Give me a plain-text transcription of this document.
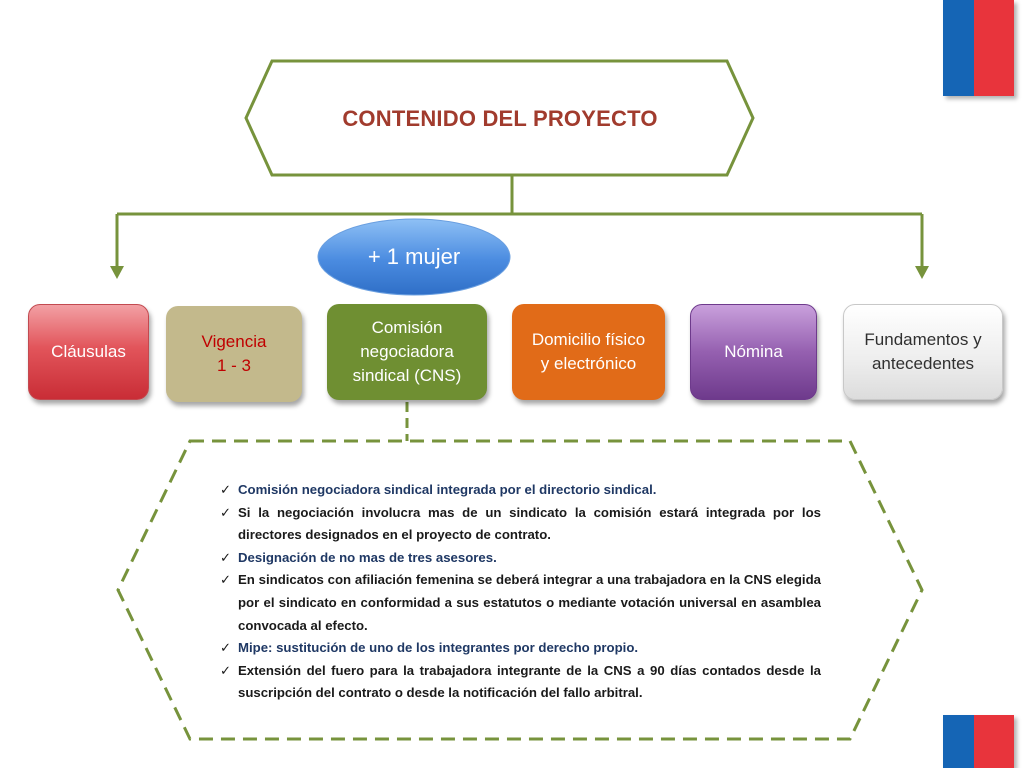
CONTENIDO DEL PROYECTO
+ 1 mujer
Cláusulas
Vigencia
1 - 3
Comisión
negociadora
sindical (CNS)
Domicilio físico
y electrónico
Nómina
Fundamentos y
antecedentes
✓ Comisión negociadora sindical integrada por el directorio sindical.
✓ Si la negociación involucra mas de un sindicato la comisión estará integrada por los directores designados en el proyecto de contrato.
✓ Designación de no mas de tres asesores.
✓ En sindicatos con afiliación femenina se deberá integrar a una trabajadora en la CNS elegida por el sindicato en conformidad a sus estatutos o mediante votación universal en asamblea convocada al efecto.
✓ Mipe: sustitución de uno de los integrantes por derecho propio.
✓ Extensión del fuero para la trabajadora integrante de la CNS a 90 días contados desde la suscripción del contrato o desde la notificación del fallo arbitral.
